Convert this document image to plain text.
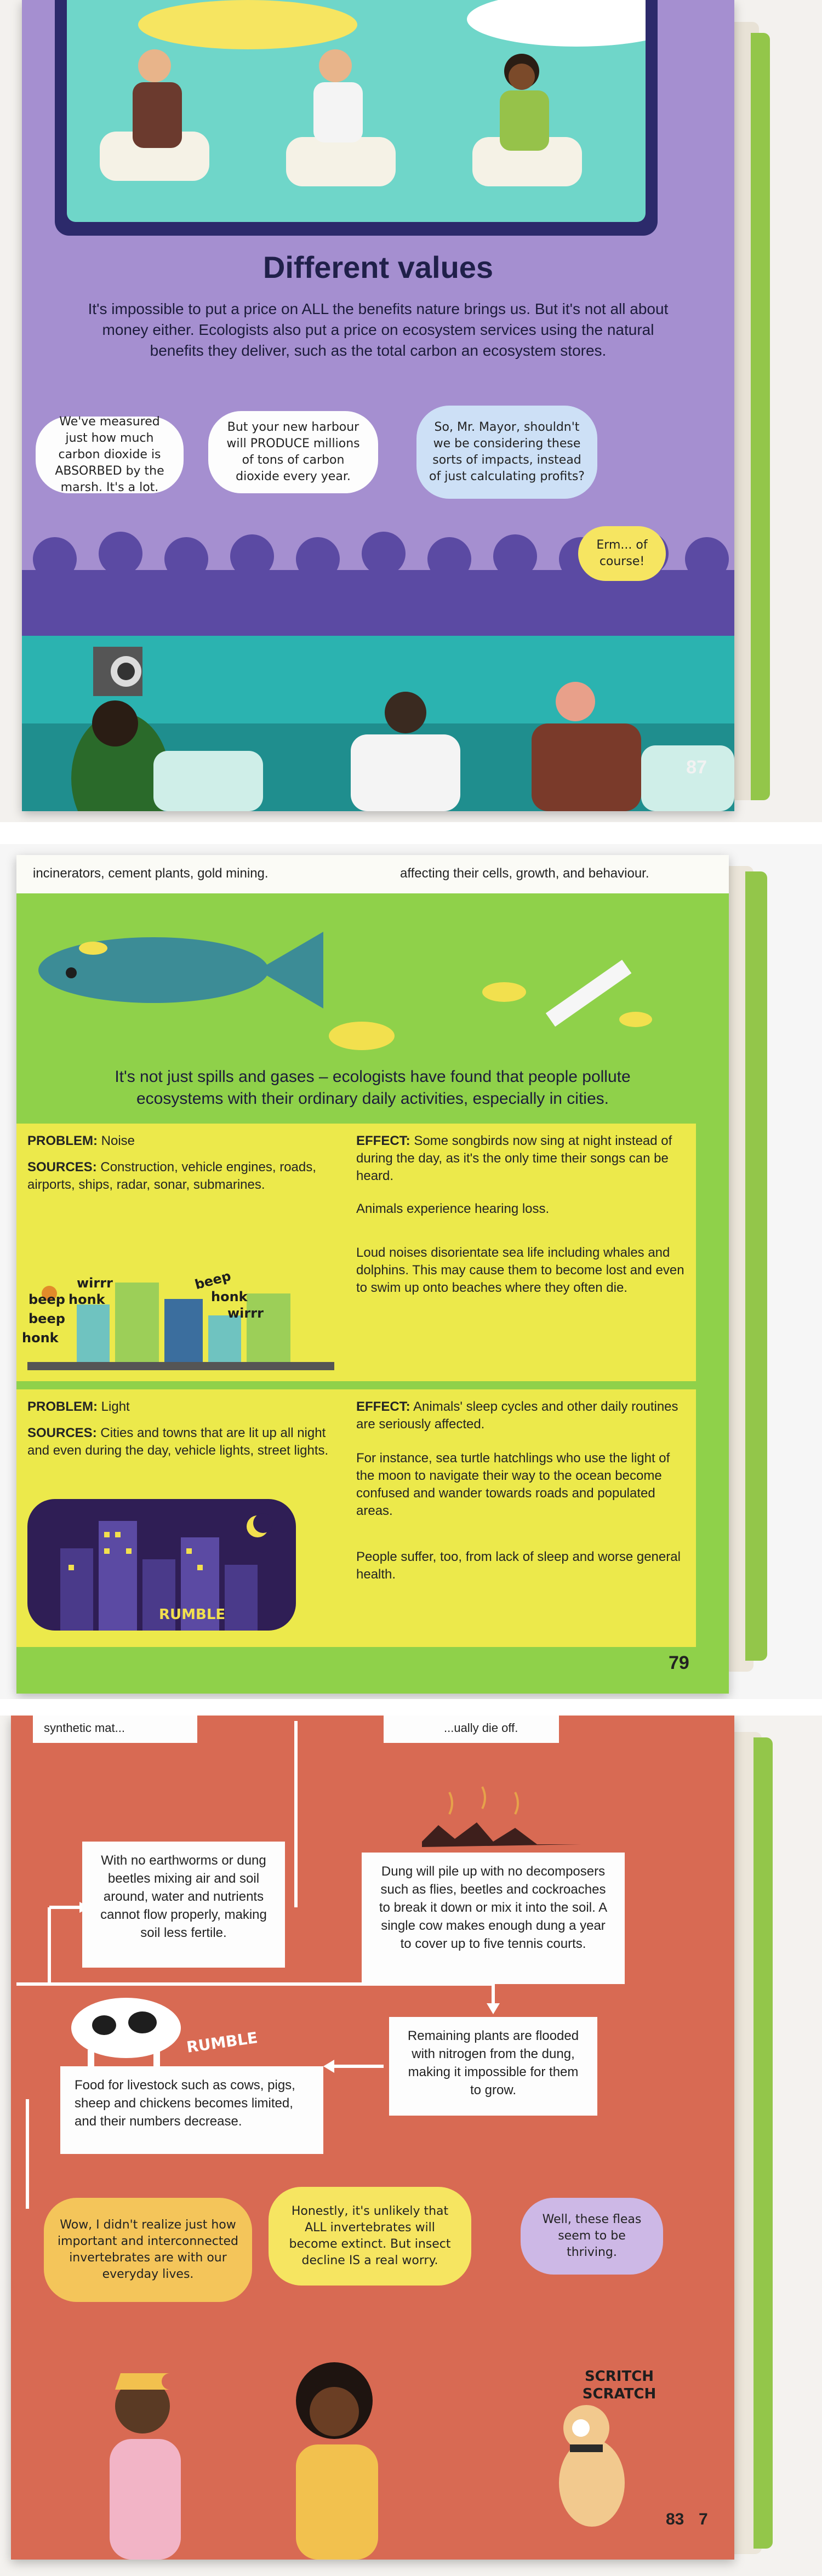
Different values
It's impossible to put a price on ALL the benefits nature brings us. But it's not all about money either. Ecologists also put a price on ecosystem services using the natural benefits they deliver, such as the total carbon an ecosystem stores.
We've measured just how much carbon dioxide is ABSORBED by the marsh. It's a lot.
But your new harbour will PRODUCE millions of tons of carbon dioxide every year.
So, Mr. Mayor, shouldn't we be considering these sorts of impacts, instead of just calculating profits?
Erm... of course!
87
incinerators, cement plants, gold mining.	affecting their cells, growth, and behaviour.
It's not just spills and gases – ecologists have found that people pollute ecosystems with their ordinary daily activities, especially in cities.
PROBLEM: Noise
SOURCES: Construction, vehicle engines, roads, airports, ships, radar, sonar, submarines.
EFFECT: Some songbirds now sing at night instead of during the day, as it's the only time their songs can be heard.
Animals experience hearing loss.
Loud noises disorientate sea life including whales and dolphins. This may cause them to become lost and even to swim up onto beaches where they often die.
wirrr
beep honk
beep
honk
wirrr
beep
honk
PROBLEM: Light
SOURCES: Cities and towns that are lit up all night and even during the day, vehicle lights, street lights.
EFFECT: Animals' sleep cycles and other daily routines are seriously affected.
For instance, sea turtle hatchlings who use the light of the moon to navigate their way to the ocean become confused and wander towards roads and populated areas.
People suffer, too, from lack of sleep and worse general health.
RUMBLE
79
synthetic mat...	...ually die off.
With no earthworms or dung beetles mixing air and soil around, water and nutrients cannot flow properly, making soil less fertile.
Dung will pile up with no decomposers such as flies, beetles and cockroaches to break it down or mix it into the soil. A single cow makes enough dung a year to cover up to five tennis courts.
Remaining plants are flooded with nitrogen from the dung, making it impossible for them to grow.
Food for livestock such as cows, pigs, sheep and chickens becomes limited, and their numbers decrease.
RUMBLE
Wow, I didn't realize just how important and interconnected invertebrates are with our everyday lives.
Honestly, it's unlikely that ALL invertebrates will become extinct. But insect decline IS a real worry.
Well, these fleas seem to be thriving.
SCRITCH SCRATCH
83 7
